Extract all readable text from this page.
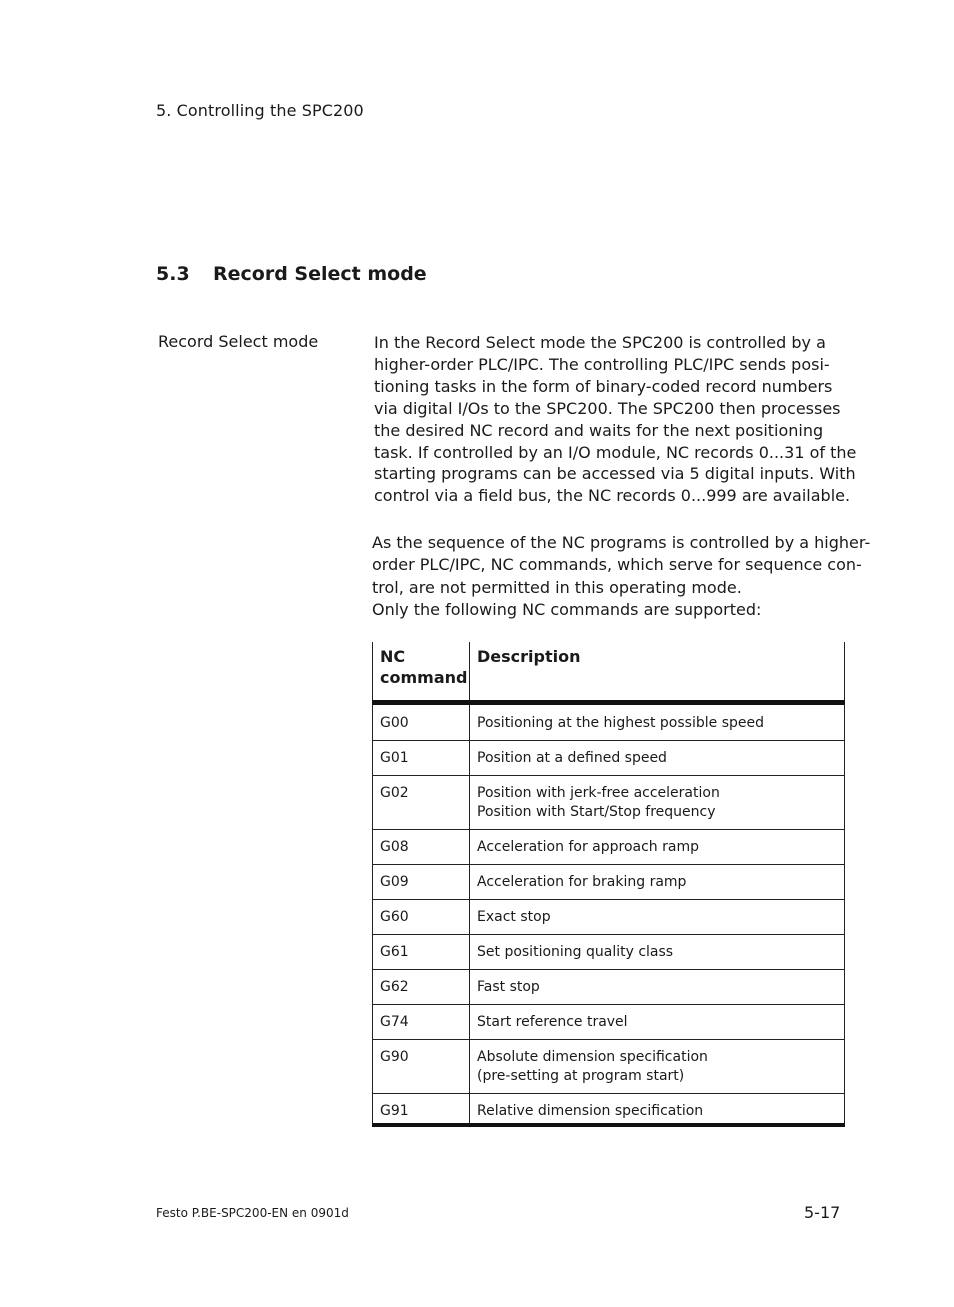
5. Controlling the SPC200
5.3 Record Select mode
Record Select mode	In the Record Select mode the SPC200 is controlled by a
higher-order PLC/IPC. The controlling PLC/IPC sends posi-
tioning tasks in the form of binary-coded record numbers
via digital I/Os to the SPC200. The SPC200 then processes
the desired NC record and waits for the next positioning
task. If controlled by an I/O module, NC records 0...31 of the
starting programs can be accessed via 5 digital inputs. With
control via a field bus, the NC records 0...999 are available.
As the sequence of the NC programs is controlled by a higher-
order PLC/IPC, NC commands, which serve for sequence con-
trol, are not permitted in this operating mode.
Only the following NC commands are supported:
NC
command	Description
G00	Positioning at the highest possible speed

G01	Position at a defined speed

G02	Position with jerk-free acceleration
Position with Start/Stop frequency

G08	Acceleration for approach ramp

G09	Acceleration for braking ramp

G60	Exact stop

G61	Set positioning quality class

G62	Fast stop

G74	Start reference travel

G90	Absolute dimension specification
(pre-setting at program start)

G91	Relative dimension specification
Festo P.BE-SPC200-EN en 0901d	5-17
